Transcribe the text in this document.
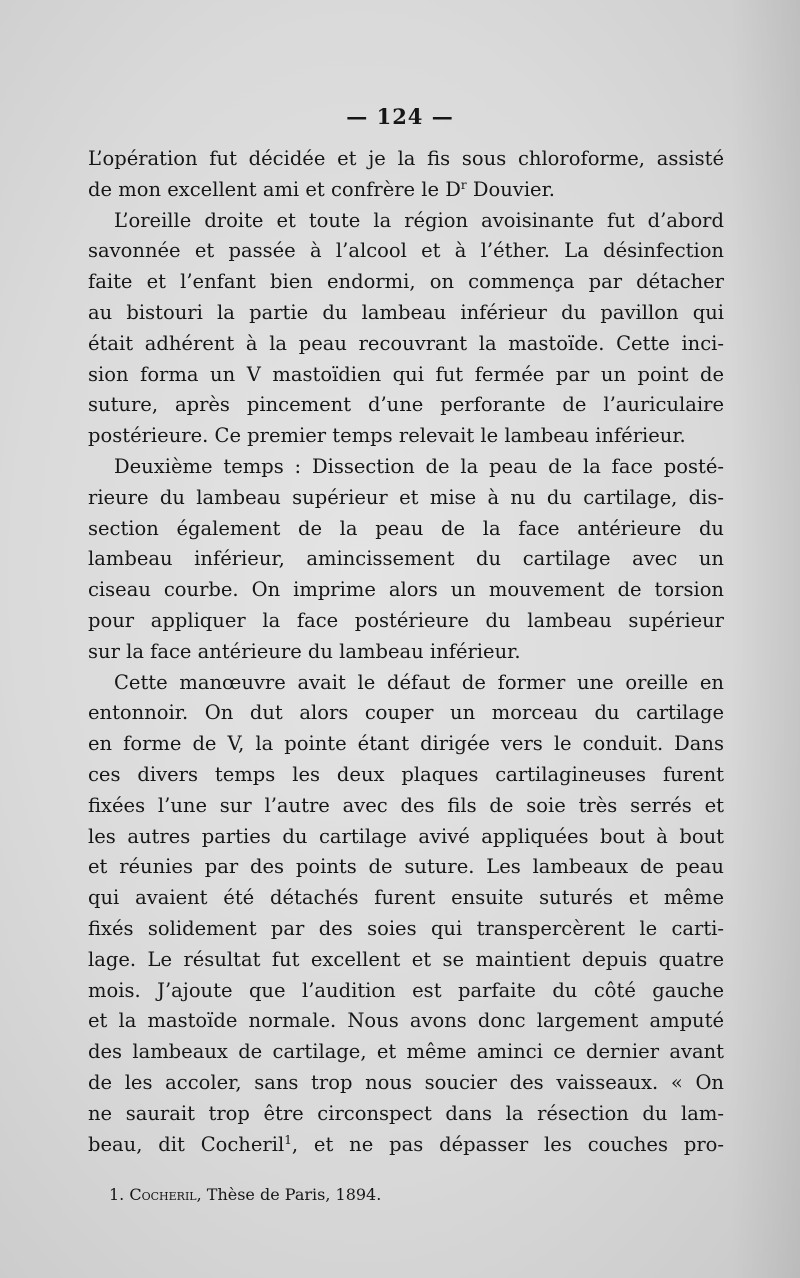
— 124 —
L’opération fut décidée et je la fis sous chloroforme, assisté
de mon excellent ami et confrère le $D^r$ Douvier.
L’oreille droite et toute la région avoisinante fut d’abord
savonnée et passée à l’alcool et à l’éther. La désinfection
faite et l’enfant bien endormi, on commença par détacher
au bistouri la partie du lambeau inférieur du pavillon qui
était adhérent à la peau recouvrant la mastoïde. Cette inci-
sion forma un V mastoïdien qui fut fermée par un point de
suture, après pincement d’une perforante de l’auriculaire
postérieure. Ce premier temps relevait le lambeau inférieur.
Deuxième temps : Dissection de la peau de la face posté-
rieure du lambeau supérieur et mise à nu du cartilage, dis-
section également de la peau de la face antérieure du
lambeau inférieur, amincissement du cartilage avec un
ciseau courbe. On imprime alors un mouvement de torsion
pour appliquer la face postérieure du lambeau supérieur
sur la face antérieure du lambeau inférieur.
Cette manœuvre avait le défaut de former une oreille en
entonnoir. On dut alors couper un morceau du cartilage
en forme de V, la pointe étant dirigée vers le conduit. Dans
ces divers temps les deux plaques cartilagineuses furent
fixées l’une sur l’autre avec des fils de soie très serrés et
les autres parties du cartilage avivé appliquées bout à bout
et réunies par des points de suture. Les lambeaux de peau
qui avaient été détachés furent ensuite suturés et même
fixés solidement par des soies qui transpercèrent le carti-
lage. Le résultat fut excellent et se maintient depuis quatre
mois. J’ajoute que l’audition est parfaite du côté gauche
et la mastoïde normale. Nous avons donc largement amputé
des lambeaux de cartilage, et même aminci ce dernier avant
de les accoler, sans trop nous soucier des vaisseaux. « On
ne saurait trop être circonspect dans la résection du lam-
beau, dit Cocheril$^1$, et ne pas dépasser les couches pro-
1. Cocheril, Thèse de Paris, 1894.
